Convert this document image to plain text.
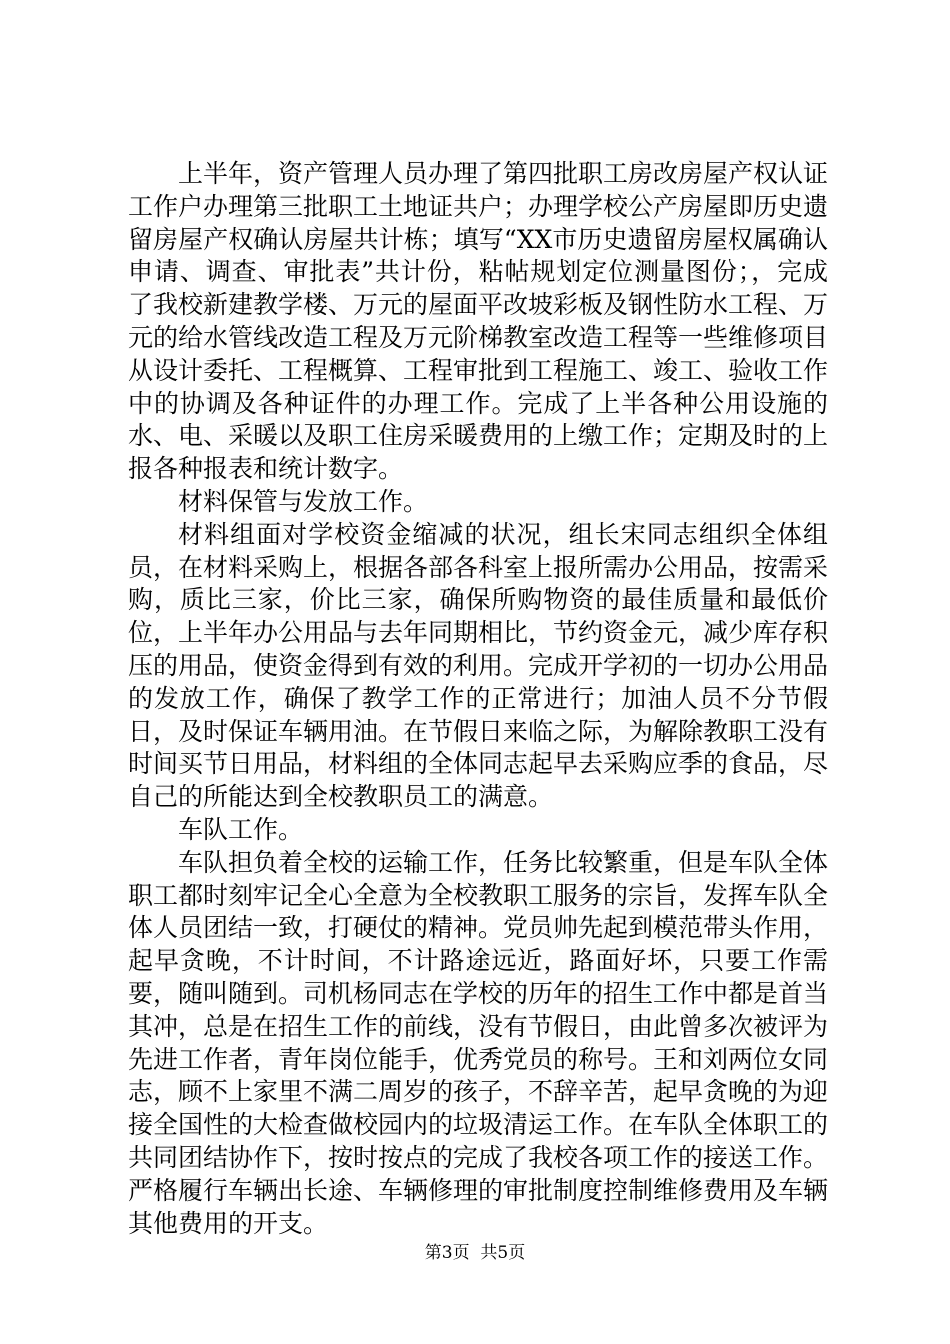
上半年，资产管理人员办理了第四批职工房改房屋产权认证工作户办理第三批职工土地证共户；办理学校公产房屋即历史遗留房屋产权确认房屋共计栋；填写“XX市历史遗留房屋权属确认申请、调查、审批表”共计份，粘帖规划定位测量图份；，完成了我校新建教学楼、万元的屋面平改坡彩板及钢性防水工程、万元的给水管线改造工程及万元阶梯教室改造工程等一些维修项目从设计委托、工程概算、工程审批到工程施工、竣工、验收工作中的协调及各种证件的办理工作。完成了上半各种公用设施的水、电、采暖以及职工住房采暖费用的上缴工作；定期及时的上报各种报表和统计数字。

材料保管与发放工作。

材料组面对学校资金缩减的状况，组长宋同志组织全体组员，在材料采购上，根据各部各科室上报所需办公用品，按需采购，质比三家，价比三家，确保所购物资的最佳质量和最低价位，上半年办公用品与去年同期相比，节约资金元，减少库存积压的用品，使资金得到有效的利用。完成开学初的一切办公用品的发放工作，确保了教学工作的正常进行；加油人员不分节假日，及时保证车辆用油。在节假日来临之际，为解除教职工没有时间买节日用品，材料组的全体同志起早去采购应季的食品，尽自己的所能达到全校教职员工的满意。

车队工作。

车队担负着全校的运输工作，任务比较繁重，但是车队全体职工都时刻牢记全心全意为全校教职工服务的宗旨，发挥车队全体人员团结一致，打硬仗的精神。党员帅先起到模范带头作用，起早贪晚，不计时间，不计路途远近，路面好坏，只要工作需要，随叫随到。司机杨同志在学校的历年的招生工作中都是首当其冲，总是在招生工作的前线，没有节假日，由此曾多次被评为先进工作者，青年岗位能手，优秀党员的称号。王和刘两位女同志，顾不上家里不满二周岁的孩子，不辞辛苦，起早贪晚的为迎接全国性的大检查做校园内的垃圾清运工作。在车队全体职工的共同团结协作下，按时按点的完成了我校各项工作的接送工作。严格履行车辆出长途、车辆修理的审批制度控制维修费用及车辆其他费用的开支。

第3页  共5页
